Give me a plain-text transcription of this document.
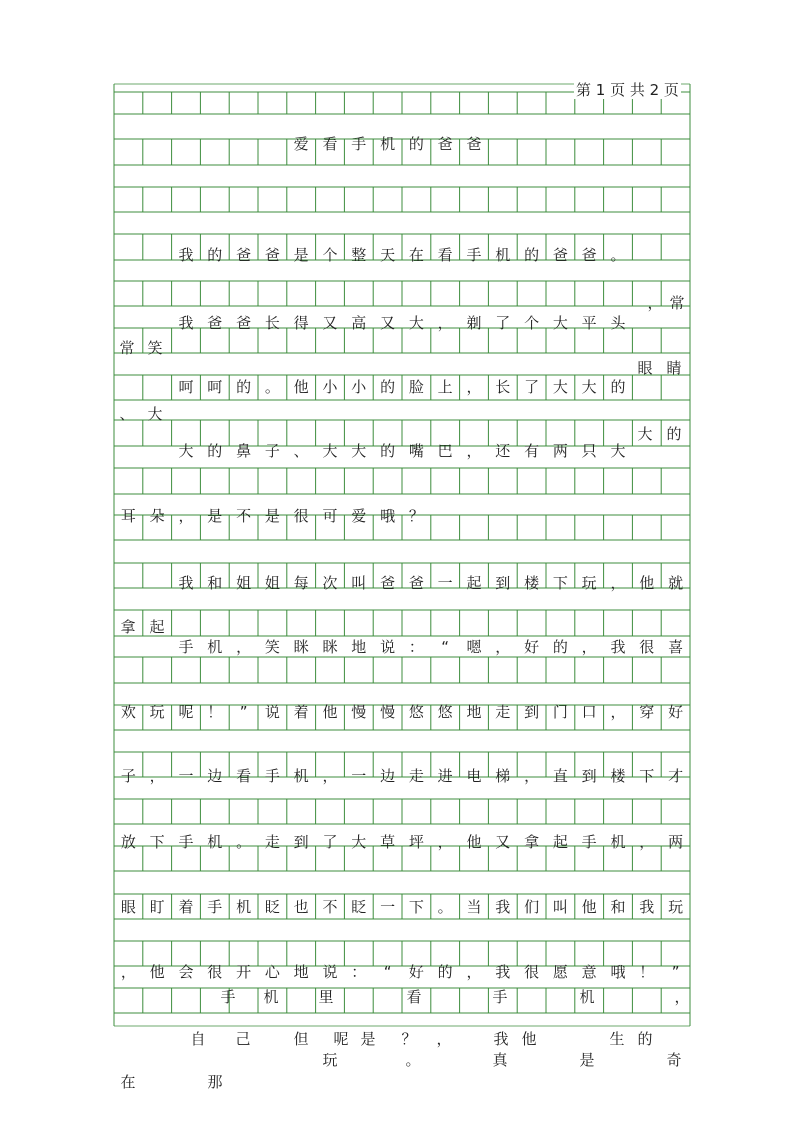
爱 看 手 机 的 爸 爸
我 的 爸 爸 是 个 整 天 在 看 手 机 的 爸 爸 。
我 爸 爸 长 得 又 高 又 大 ， 剃 了 个 大 平 头
， 常
常 笑
呵 呵 的 。 他 小 小 的 脸 上 ， 长 了 大 大 的
眼 睛
、 大
大 的 鼻 子 、 大 大 的 嘴 巴 ， 还 有 两 只 大
大 的
耳 朵 ， 是 不 是 很 可 爱 哦 ？
我 和 姐 姐 每 次 叫 爸 爸 一 起 到 楼 下 玩 ， 他 就
拿 起
手 机 ， 笑 眯 眯 地 说 ：	“	嗯 ， 好 的 ， 我 很 喜
欢 玩 呢 ！	”	说 着 他 慢 慢 悠 悠 地 走 到 门 口 ， 穿 好
子 ， 一 边 看 手 机 ， 一 边 走 进 电 梯 ， 直 到 楼 下 才
放 下 手 机 。 走 到 了 大 草 坪 ， 他 又 拿 起 手 机 ， 两
眼 盯 着 手 机 眨 也 不 眨 一 下 。 当 我 们 叫 他 和 我 玩
， 他 会 很 开 心 地 说 ：	“	好 的 ， 我 很 愿 意 哦 ！	”
手	机	里	看	手	机	，
自	己	但	呢 是	？	，	我 他	生 的
玩	。	真	是	奇
在	那
第 1 页 共 2 页
